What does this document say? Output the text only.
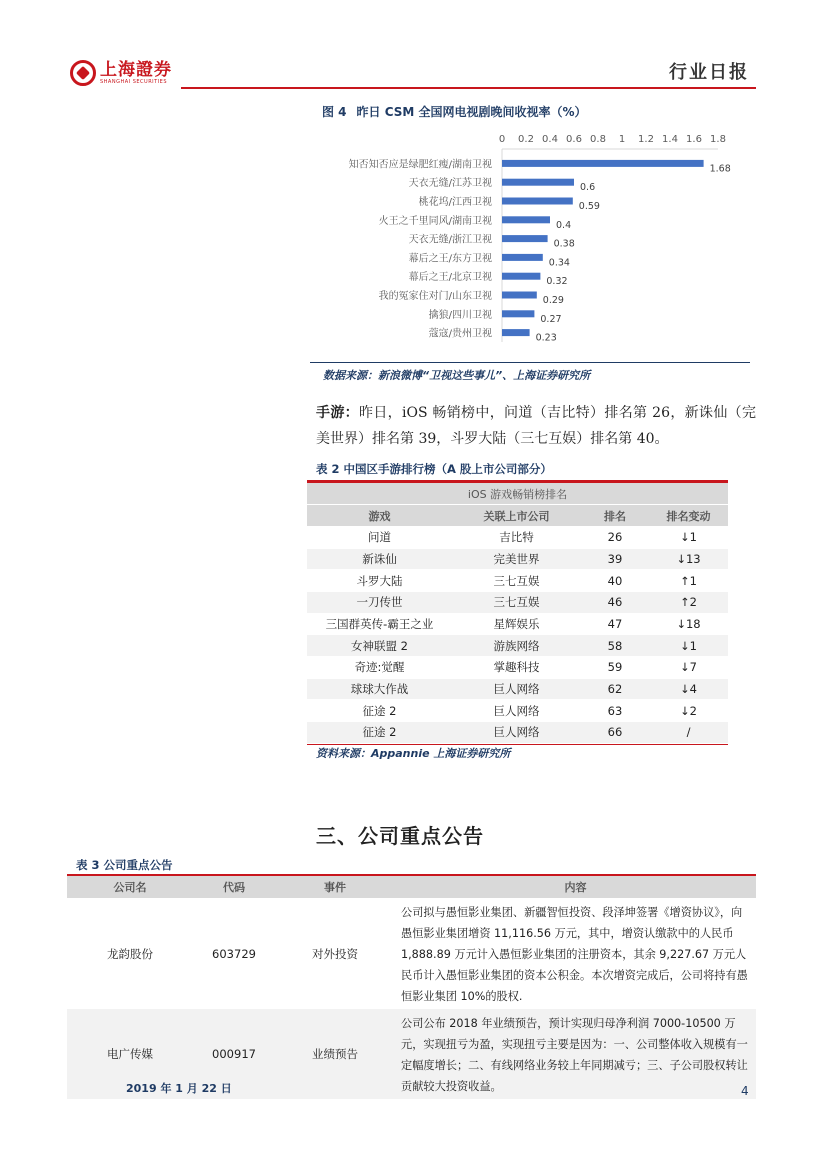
上海證券
SHANGHAI SECURITIES	行业日报
图 4 昨日 CSM 全国网电视剧晚间收视率（%）
0 0.2 0.4 0.6 0.8 1 1.2 1.4 1.6 1.8
知否知否应是绿肥红瘦/湖南卫视	1.68
天衣无缝/江苏卫视	0.6
桃花坞/江西卫视	0.59
火王之千里同风/湖南卫视	0.4
天衣无缝/浙江卫视	0.38
幕后之王/东方卫视	0.34
幕后之王/北京卫视	0.32
我的冤家住对门/山东卫视	0.29
擒狼/四川卫视	0.27
蔻寇/贵州卫视	0.23
数据来源：新浪微博“卫视这些事儿”、上海证券研究所
手游：昨日，iOS 畅销榜中，问道（吉比特）排名第 26，新诛仙（完美世界）排名第 39，斗罗大陆（三七互娱）排名第 40。
表 2 中国区手游排行榜（A 股上市公司部分）

iOS 游戏畅销榜排名			
游戏	关联上市公司	排名	排名变动
问道	吉比特	26	↓1
新诛仙	完美世界	39	↓13
斗罗大陆	三七互娱	40	↑1
一刀传世	三七互娱	46	↑2
三国群英传-霸王之业	星辉娱乐	47	↓18
女神联盟 2	游族网络	58	↓1
奇迹:觉醒	掌趣科技	59	↓7
球球大作战	巨人网络	62	↓4
征途 2	巨人网络	63	↓2
征途 2	巨人网络	66	/

资料来源：Appannie 上海证券研究所
三、公司重点公告
表 3 公司重点公告

公司名	代码	事件	内容
龙韵股份	603729	对外投资	公司拟与愚恒影业集团、新疆智恒投资、段泽坤签署《增资协议》，向愚恒影业集团增资 11,116.56 万元，其中，增资认缴款中的人民币 1,888.89 万元计入愚恒影业集团的注册资本，其余 9,227.67 万元人民币计入愚恒影业集团的资本公积金。本次增资完成后，公司将持有愚恒影业集团 10%的股权.
电广传媒	000917	业绩预告	公司公布 2018 年业绩预告，预计实现归母净利润 7000-10500 万元，实现扭亏为盈，实现扭亏主要是因为：一、公司整体收入规模有一定幅度增长；二、有线网络业务较上年同期减亏；三、子公司股权转让贡献较大投资收益。
2019 年 1 月 22 日	4
